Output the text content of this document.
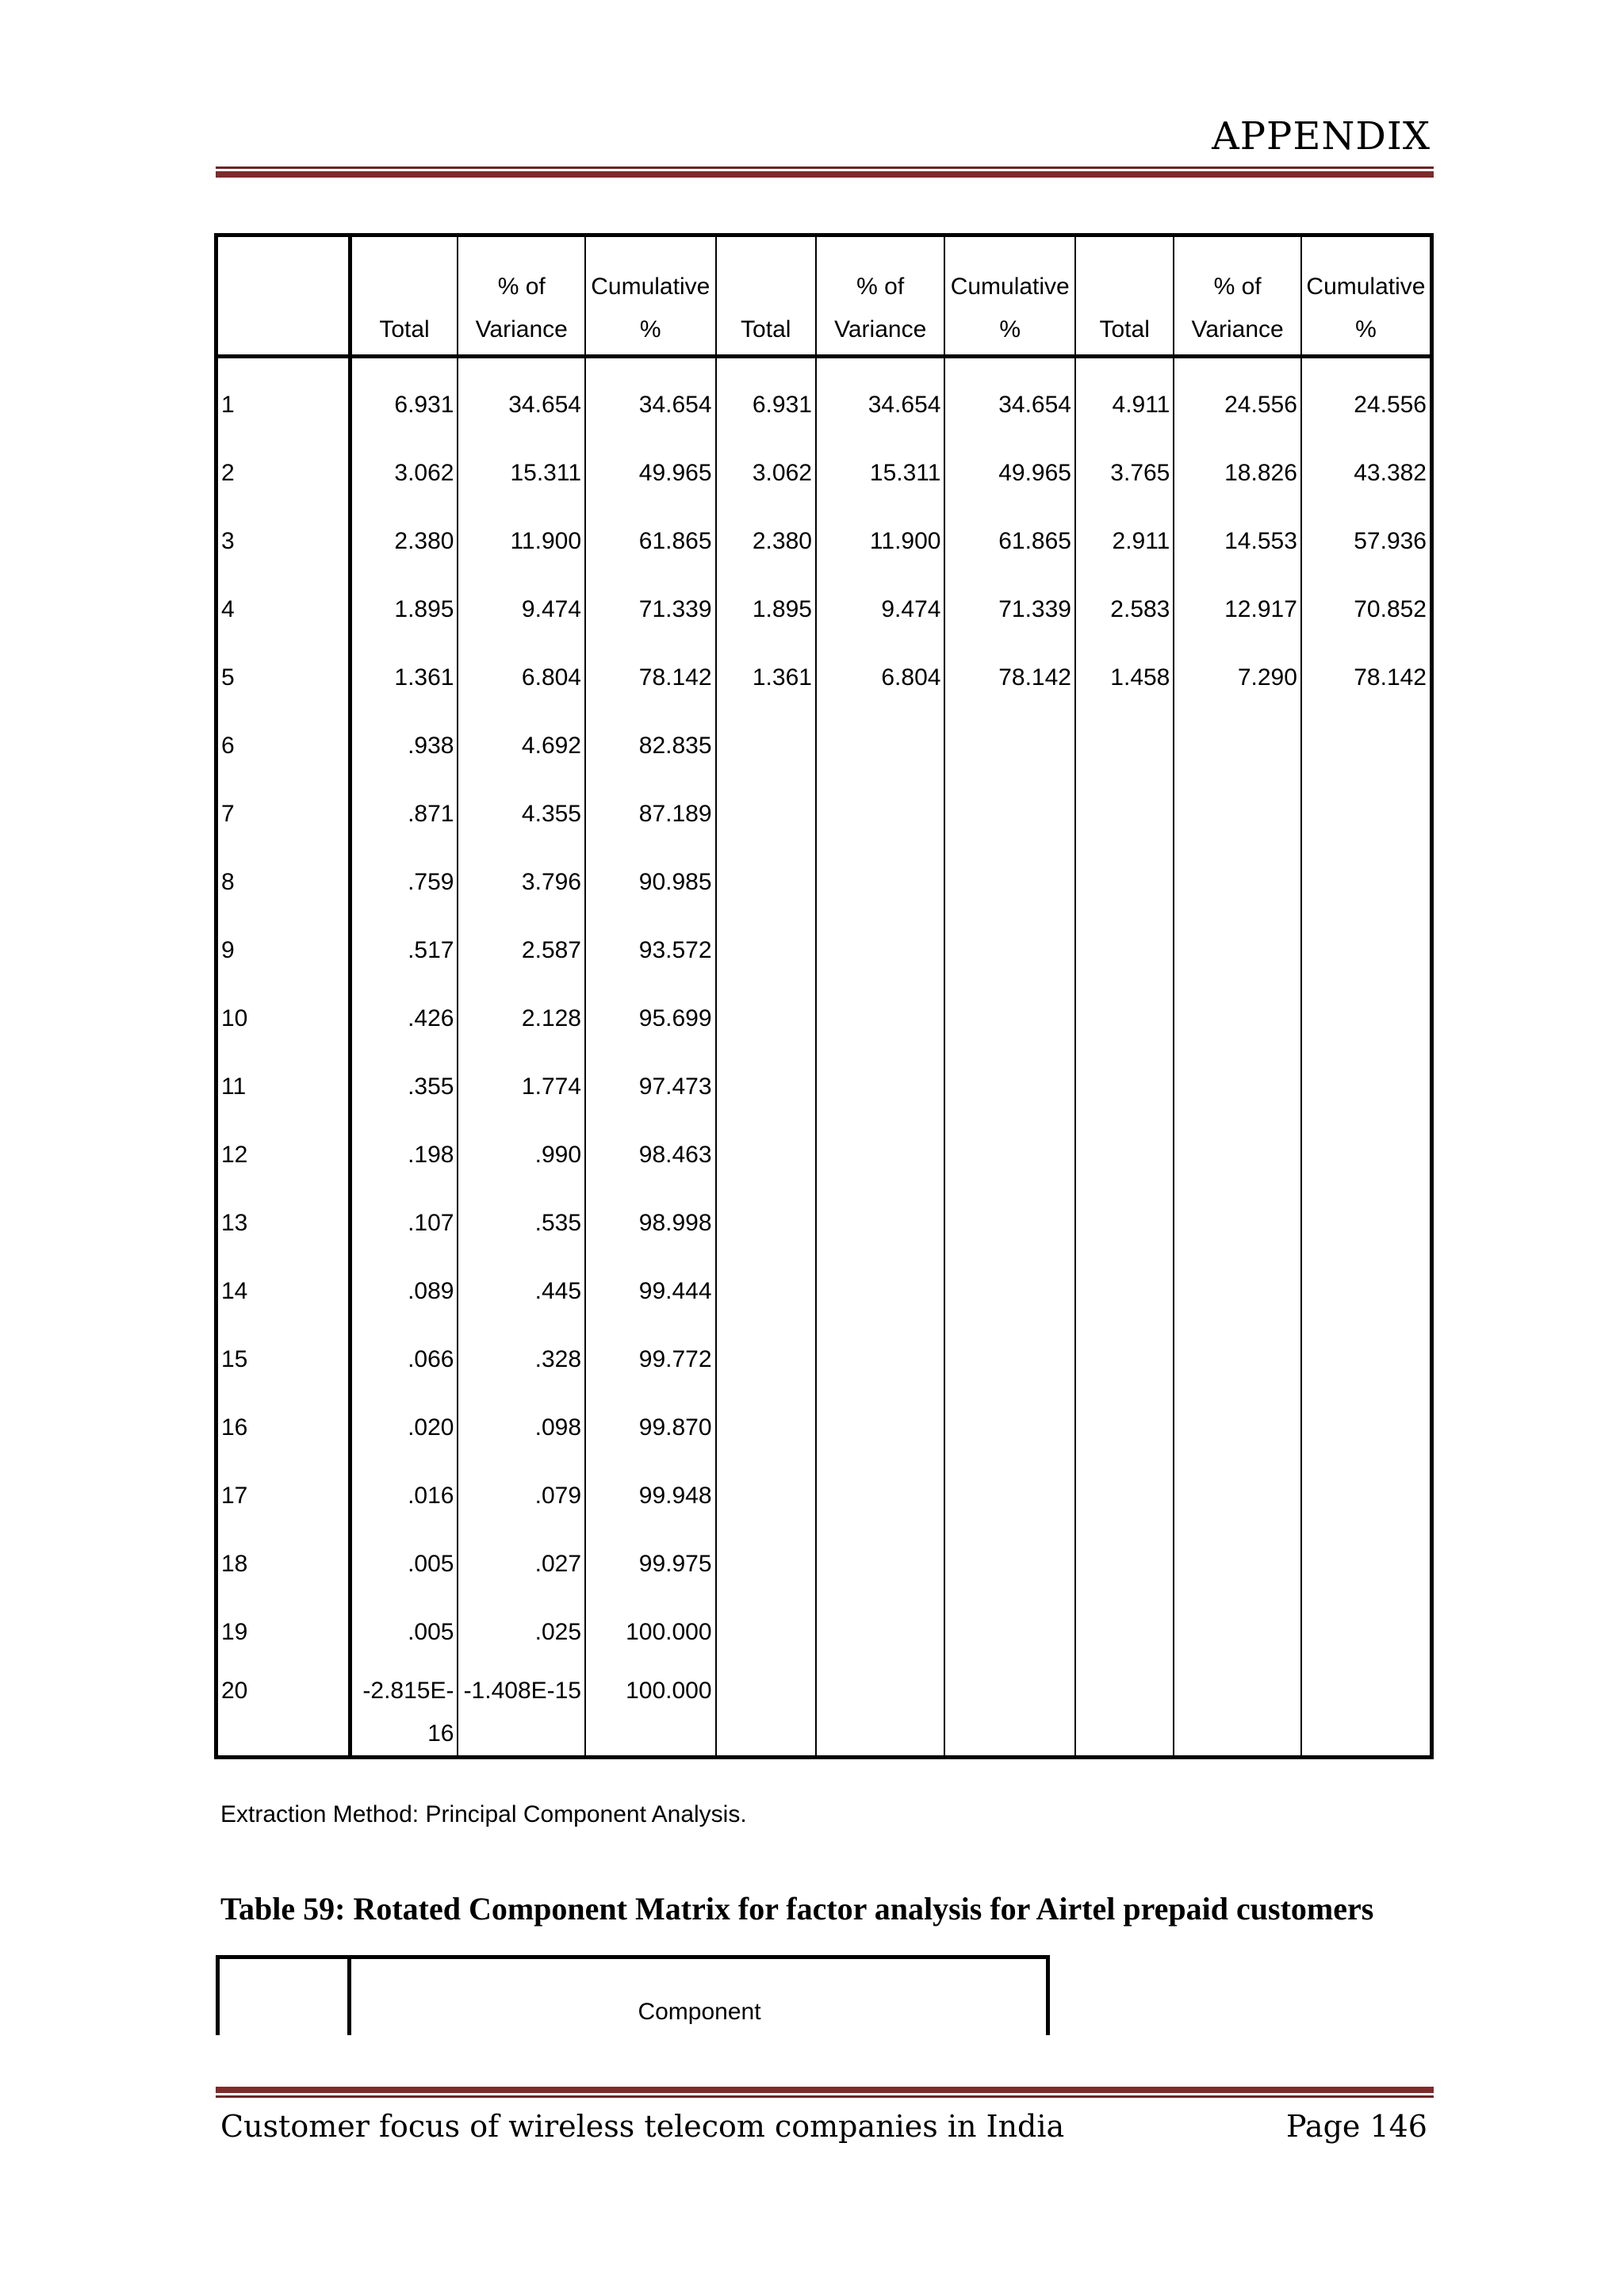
APPENDIX
	Total	% of Variance	Cumulative %	Total	% of Variance	Cumulative %	Total	% of Variance	Cumulative %
1	6.931	34.654	34.654	6.931	34.654	34.654	4.911	24.556	24.556
2	3.062	15.311	49.965	3.062	15.311	49.965	3.765	18.826	43.382
3	2.380	11.900	61.865	2.380	11.900	61.865	2.911	14.553	57.936
4	1.895	9.474	71.339	1.895	9.474	71.339	2.583	12.917	70.852
5	1.361	6.804	78.142	1.361	6.804	78.142	1.458	7.290	78.142
6	.938	4.692	82.835						
7	.871	4.355	87.189						
8	.759	3.796	90.985						
9	.517	2.587	93.572						
10	.426	2.128	95.699						
11	.355	1.774	97.473						
12	.198	.990	98.463						
13	.107	.535	98.998						
14	.089	.445	99.444						
15	.066	.328	99.772						
16	.020	.098	99.870						
17	.016	.079	99.948						
18	.005	.027	99.975						
19	.005	.025	100.000						
20	-2.815E-16	-1.408E-15	100.000						
Extraction Method: Principal Component Analysis.
Table 59: Rotated Component Matrix for factor analysis for Airtel prepaid customers
Component
Customer focus of wireless telecom companies in India	Page 146
